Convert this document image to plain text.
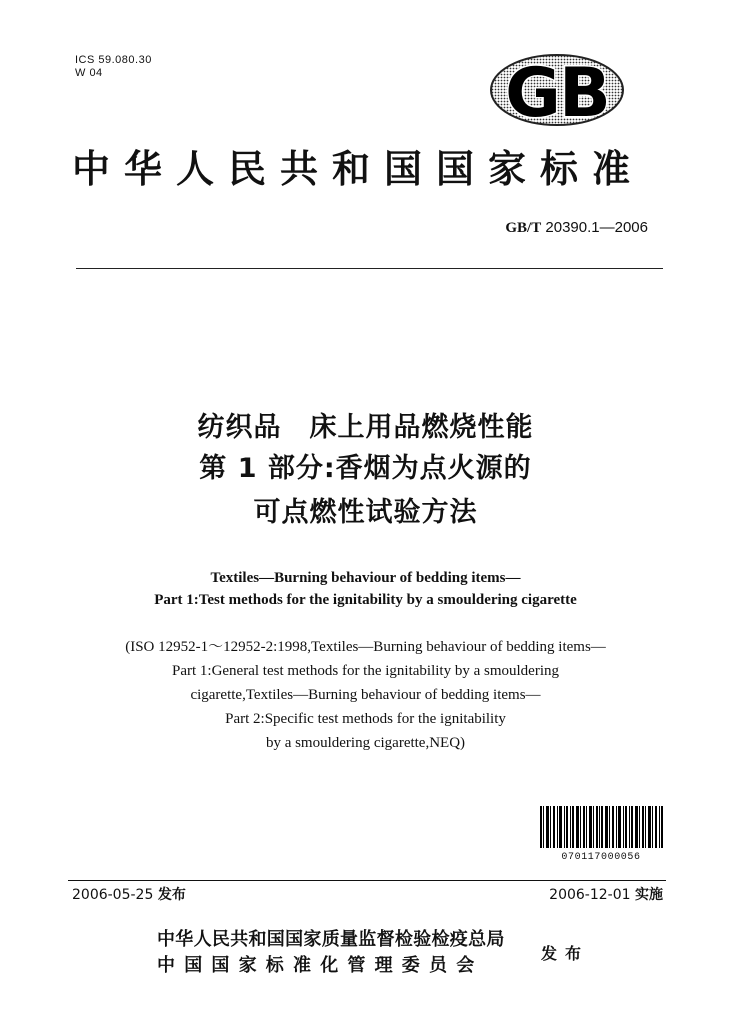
ICS 59.080.30
W 04	GB
中华人民共和国国家标准
GB/T 20390.1—2006
纺织品　床上用品燃烧性能
第 1 部分:香烟为点火源的
可点燃性试验方法
Textiles—Burning behaviour of bedding items—
Part 1:Test methods for the ignitability by a smouldering cigarette
(ISO 12952-1～12952-2:1998,Textiles—Burning behaviour of bedding items—
Part 1:General test methods for the ignitability by a smouldering
cigarette,Textiles—Burning behaviour of bedding items—
Part 2:Specific test methods for the ignitability
by a smouldering cigarette,NEQ)
070117000056
2006-05-25 发布	2006-12-01 实施
中华人民共和国国家质量监督检验检疫总局
中国国家标准化管理委员会
发布
